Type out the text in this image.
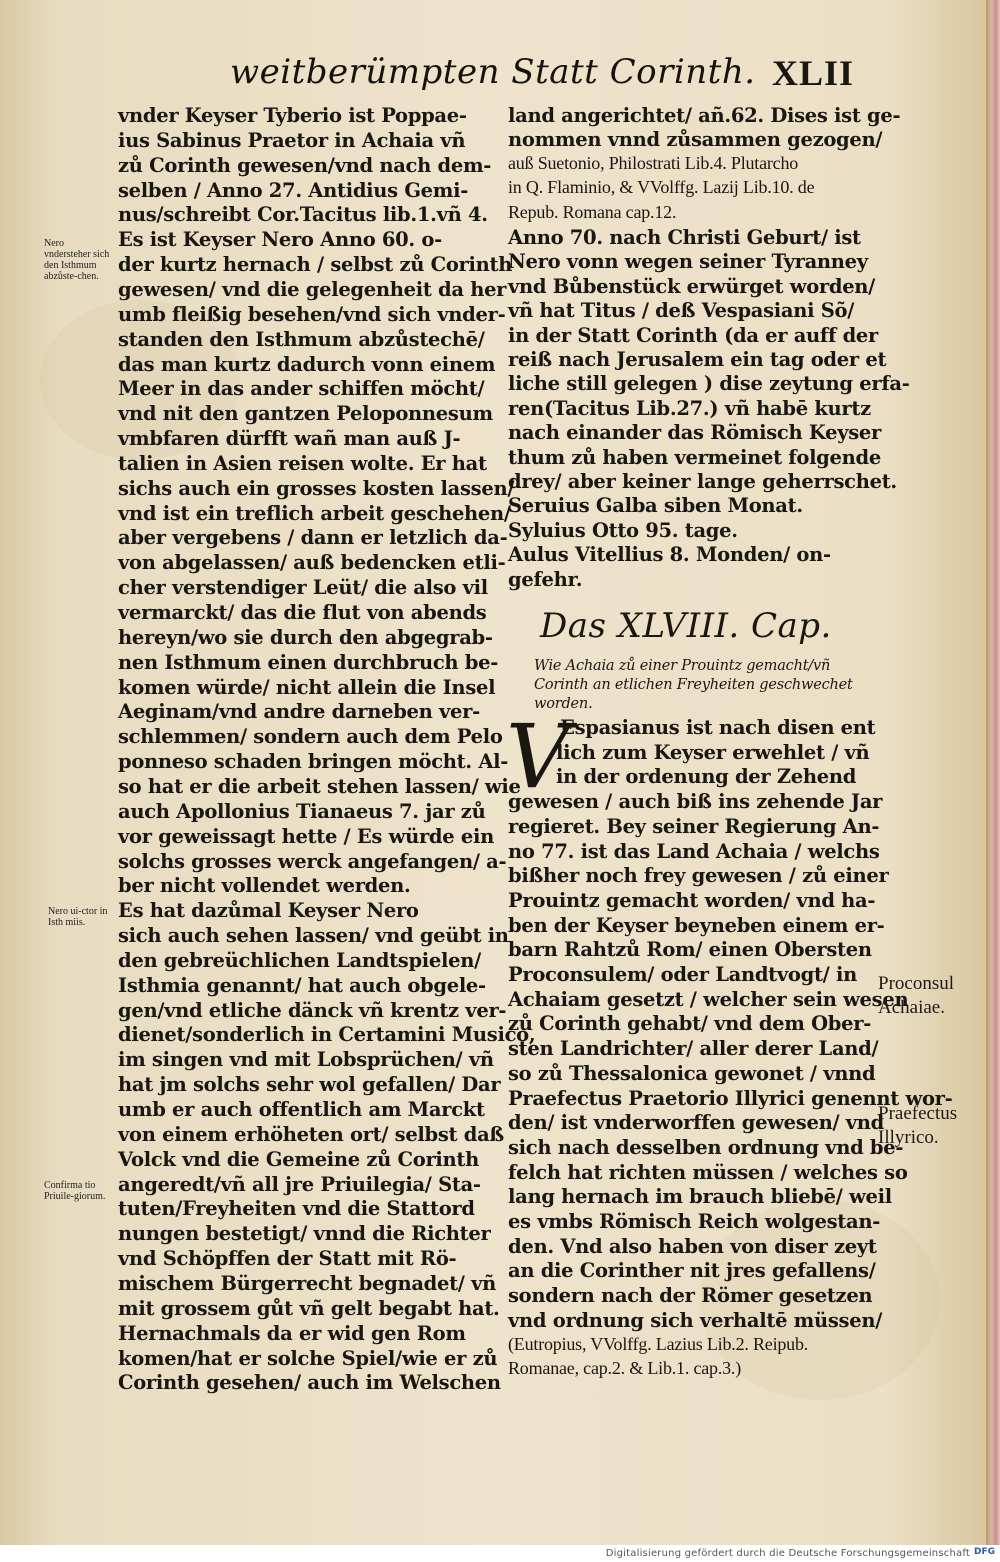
weitberümpten Statt Corinth. XLII
vnder Keyser Tyberio ist Poppae-
ius Sabinus Praetor in Achaia vñ
zů Corinth gewesen/vnd nach dem-
selben / Anno 27. Antidius Gemi-
nus/schreibt Cor.Tacitus lib.1.vñ 4.
Es ist Keyser Nero Anno 60. o-
der kurtz hernach / selbst zů Corinth
gewesen/ vnd die gelegenheit da her
umb fleißig besehen/vnd sich vnder-
standen den Isthmum abzůstechē/
das man kurtz dadurch vonn einem
Meer in das ander schiffen möcht/
vnd nit den gantzen Peloponnesum
vmbfaren dürfft wañ man auß J-
talien in Asien reisen wolte. Er hat
sichs auch ein grosses kosten lassen/
vnd ist ein treflich arbeit geschehen/
aber vergebens / dann er letzlich da-
von abgelassen/ auß bedencken etli-
cher verstendiger Leüt/ die also vil
vermarckt/ das die flut von abends
hereyn/wo sie durch den abgegrab-
nen Isthmum einen durchbruch be-
komen würde/ nicht allein die Insel
Aeginam/vnd andre darneben ver-
schlemmen/ sondern auch dem Pelo
ponneso schaden bringen möcht. Al-
so hat er die arbeit stehen lassen/ wie
auch Apollonius Tianaeus 7. jar zů
vor geweissagt hette / Es würde ein
solchs grosses werck angefangen/ a-
ber nicht vollendet werden.
Es hat dazůmal Keyser Nero
sich auch sehen lassen/ vnd geübt in
den gebreüchlichen Landtspielen/
Isthmia genannt/ hat auch obgele-
gen/vnd etliche dänck vñ krentz ver-
dienet/sonderlich in Certamini Musico,
im singen vnd mit Lobsprüchen/ vñ
hat jm solchs sehr wol gefallen/ Dar
umb er auch offentlich am Marckt
von einem erhöheten ort/ selbst daß
Volck vnd die Gemeine zů Corinth
angeredt/vñ all jre Priuilegia/ Sta-
tuten/Freyheiten vnd die Stattord
nungen bestetigt/ vnnd die Richter
vnd Schöpffen der Statt mit Rö-
mischem Bürgerrecht begnadet/ vñ
mit grossem gůt vñ gelt begabt hat.
Hernachmals da er wid gen Rom
komen/hat er solche Spiel/wie er zů
Corinth gesehen/ auch im Welschen
land angerichtet/ añ.62. Dises ist ge-
nommen vnnd zůsammen gezogen/
auß Suetonio, Philostrati Lib.4. Plutarcho
in Q. Flaminio, & VVolffg. Lazij Lib.10. de
Repub. Romana cap.12.
Anno 70. nach Christi Geburt/ ist
Nero vonn wegen seiner Tyranney
vnd Bůbenstück erwürget worden/
vñ hat Titus / deß Vespasiani Sõ/
in der Statt Corinth (da er auff der
reiß nach Jerusalem ein tag oder et
liche still gelegen ) dise zeytung erfa-
ren(Tacitus Lib.27.) vñ habē kurtz
nach einander das Römisch Keyser
thum zů haben vermeinet folgende
drey/ aber keiner lange geherrschet.
Seruius Galba siben Monat.
Syluius Otto 95. tage.
Aulus Vitellius 8. Monden/ on-
gefehr.
Das XLVIII. Cap.
Wie Achaia zů einer Prouintz gemacht/vñ
Corinth an etlichen Freyheiten geschwechet
worden.
V
Espasianus ist nach disen ent
lich zum Keyser erwehlet / vñ
in der ordenung der Zehend
gewesen / auch biß ins zehende Jar
regieret. Bey seiner Regierung An-
no 77. ist das Land Achaia / welchs
bißher noch frey gewesen / zů einer
Prouintz gemacht worden/ vnd ha-
ben der Keyser beyneben einem er-
barn Rahtzů Rom/ einen Obersten
Proconsulem/ oder Landtvogt/ in
Achaiam gesetzt / welcher sein wesen
zů Corinth gehabt/ vnd dem Ober-
sten Landrichter/ aller derer Land/
so zů Thessalonica gewonet / vnnd
Praefectus Praetorio Illyrici genennt wor-
den/ ist vnderworffen gewesen/ vnd
sich nach desselben ordnung vnd be-
felch hat richten müssen / welches so
lang hernach im brauch bliebē/ weil
es vmbs Römisch Reich wolgestan-
den. Vnd also haben von diser zeyt
an die Corinther nit jres gefallens/
sondern nach der Römer gesetzen
vnd ordnung sich verhaltē müssen/
(Eutropius, VVolffg. Lazius Lib.2. Reipub.
Romanae, cap.2. & Lib.1. cap.3.)
Nero vndersteher sich den Isthmum abzůste-chen.
Nero ui-ctor in Isth miis.
Confirma tio Priuile-giorum.
Proconsul Achaiae.
Praefectus Illyrico.
Digitalisierung gefördert durch die Deutsche Forschungsgemeinschaft DFG
